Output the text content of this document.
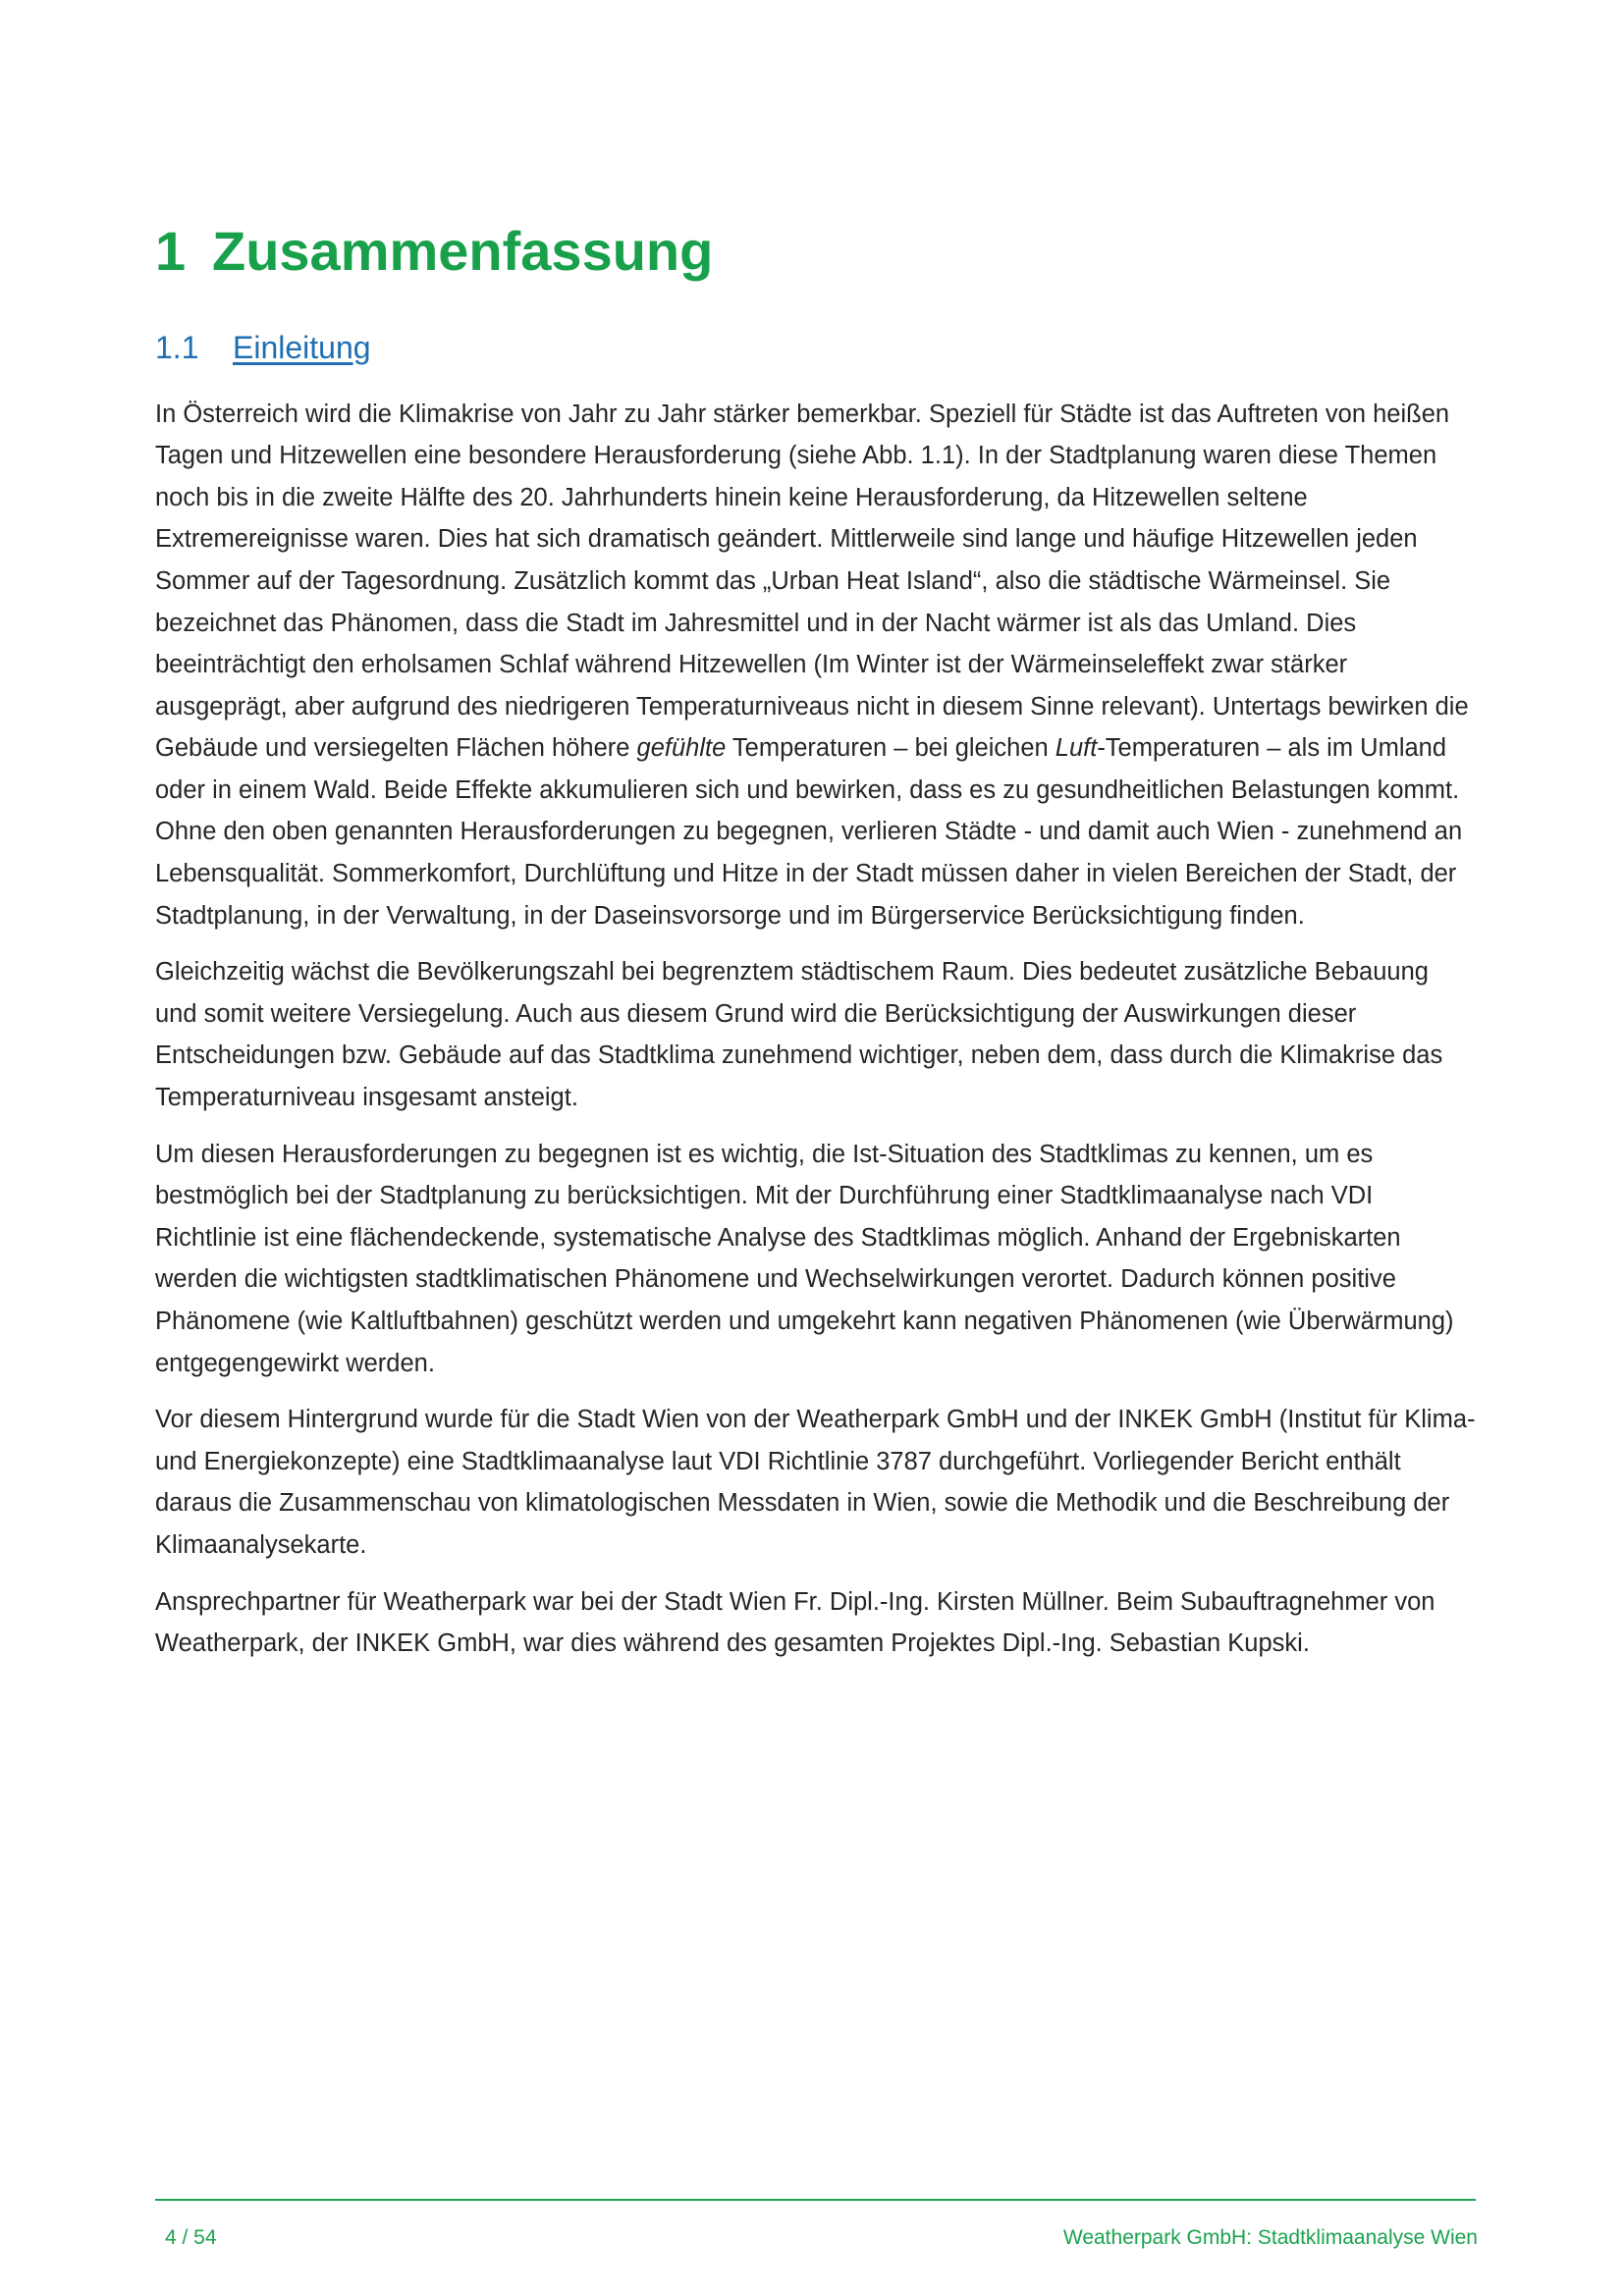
1 Zusammenfassung
1.1	Einleitung

In Österreich wird die Klimakrise von Jahr zu Jahr stärker bemerkbar. Speziell für Städte ist das Auftreten von heißen Tagen und Hitzewellen eine besondere Herausforderung (siehe Abb. 1.1). In der Stadtplanung waren diese Themen noch bis in die zweite Hälfte des 20. Jahrhunderts hinein keine Herausforderung, da Hitzewellen seltene Extremereignisse waren. Dies hat sich dramatisch geändert. Mittlerweile sind lange und häufige Hitzewellen jeden Sommer auf der Tagesordnung. Zusätzlich kommt das „Urban Heat Island“, also die städtische Wärmeinsel. Sie bezeichnet das Phänomen, dass die Stadt im Jahresmittel und in der Nacht wärmer ist als das Umland. Dies beeinträchtigt den erholsamen Schlaf während Hitzewellen (Im Winter ist der Wärmeinseleffekt zwar stärker ausgeprägt, aber aufgrund des niedrigeren Temperaturniveaus nicht in diesem Sinne relevant). Untertags bewirken die Gebäude und versiegelten Flächen höhere gefühlte Temperaturen – bei gleichen Luft-Temperaturen – als im Umland oder in einem Wald. Beide Effekte akkumulieren sich und bewirken, dass es zu gesundheitlichen Belastungen kommt.

Ohne den oben genannten Herausforderungen zu begegnen, verlieren Städte - und damit auch Wien - zunehmend an Lebensqualität. Sommerkomfort, Durchlüftung und Hitze in der Stadt müssen daher in vielen Bereichen der Stadt, der Stadtplanung, in der Verwaltung, in der Daseinsvorsorge und im Bürgerservice Berücksichtigung finden.

Gleichzeitig wächst die Bevölkerungszahl bei begrenztem städtischem Raum. Dies bedeutet zusätzliche Bebauung und somit weitere Versiegelung. Auch aus diesem Grund wird die Berücksichtigung der Auswirkungen dieser Entscheidungen bzw. Gebäude auf das Stadtklima zunehmend wichtiger, neben dem, dass durch die Klimakrise das Temperaturniveau insgesamt ansteigt.

Um diesen Herausforderungen zu begegnen ist es wichtig, die Ist-Situation des Stadtklimas zu kennen, um es bestmöglich bei der Stadtplanung zu berücksichtigen. Mit der Durchführung einer Stadtklimaanalyse nach VDI Richtlinie ist eine flächendeckende, systematische Analyse des Stadtklimas möglich. Anhand der Ergebniskarten werden die wichtigsten stadtklimatischen Phänomene und Wechselwirkungen verortet. Dadurch können positive Phänomene (wie Kaltluftbahnen) geschützt werden und umgekehrt kann negativen Phänomenen (wie Überwärmung) entgegengewirkt werden.

Vor diesem Hintergrund wurde für die Stadt Wien von der Weatherpark GmbH und der INKEK GmbH (Institut für Klima- und Energiekonzepte) eine Stadtklimaanalyse laut VDI Richtlinie 3787 durchgeführt. Vorliegender Bericht enthält daraus die Zusammenschau von klimatologischen Messdaten in Wien, sowie die Methodik und die Beschreibung der Klimaanalysekarte.

Ansprechpartner für Weatherpark war bei der Stadt Wien Fr. Dipl.-Ing. Kirsten Müllner. Beim Subauftragnehmer von Weatherpark, der INKEK GmbH, war dies während des gesamten Projektes Dipl.-Ing. Sebastian Kupski.

4 / 54	Weatherpark GmbH: Stadtklimaanalyse Wien
